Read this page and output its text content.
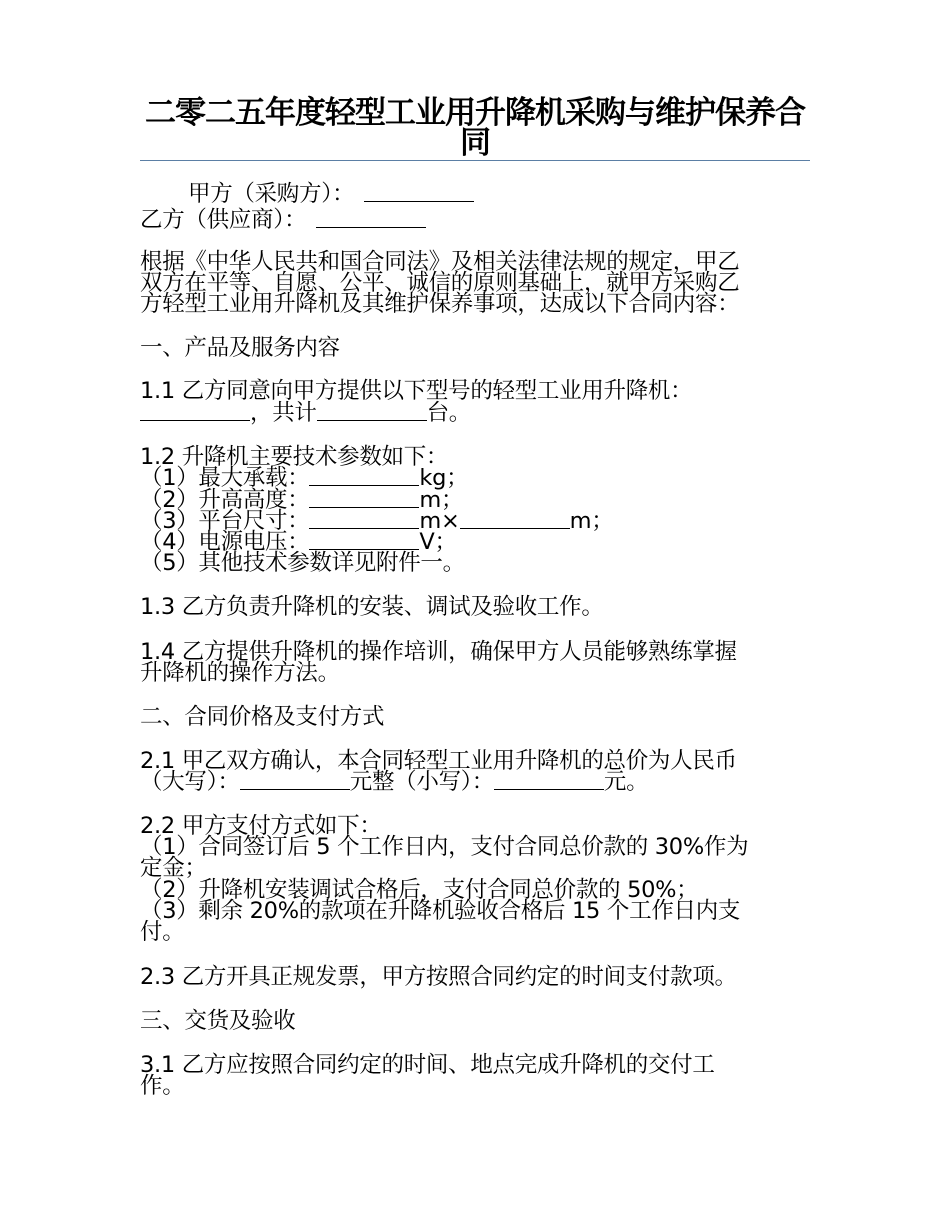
二零二五年度轻型工业用升降机采购与维护保养合同
甲方（采购方）：
乙方（供应商）：
根据《中华人民共和国合同法》及相关法律法规的规定，甲乙
双方在平等、自愿、公平、诚信的原则基础上，就甲方采购乙
方轻型工业用升降机及其维护保养事项，达成以下合同内容：
一、产品及服务内容
1.1 乙方同意向甲方提供以下型号的轻型工业用升降机：
，共计	台。
1.2 升降机主要技术参数如下：
（1）最大承载：	kg；
（2）升高高度：	m；
（3）平台尺寸：	m×	m；
（4）电源电压：	V；
（5）其他技术参数详见附件一。
1.3 乙方负责升降机的安装、调试及验收工作。
1.4 乙方提供升降机的操作培训，确保甲方人员能够熟练掌握
升降机的操作方法。
二、合同价格及支付方式
2.1 甲乙双方确认，本合同轻型工业用升降机的总价为人民币
（大写）：	元整（小写）：	元。
2.2 甲方支付方式如下：
（1）合同签订后 5 个工作日内，支付合同总价款的 30%作为
定金；
（2）升降机安装调试合格后，支付合同总价款的 50%；
（3）剩余 20%的款项在升降机验收合格后 15 个工作日内支
付。
2.3 乙方开具正规发票，甲方按照合同约定的时间支付款项。
三、交货及验收
3.1 乙方应按照合同约定的时间、地点完成升降机的交付工
作。
